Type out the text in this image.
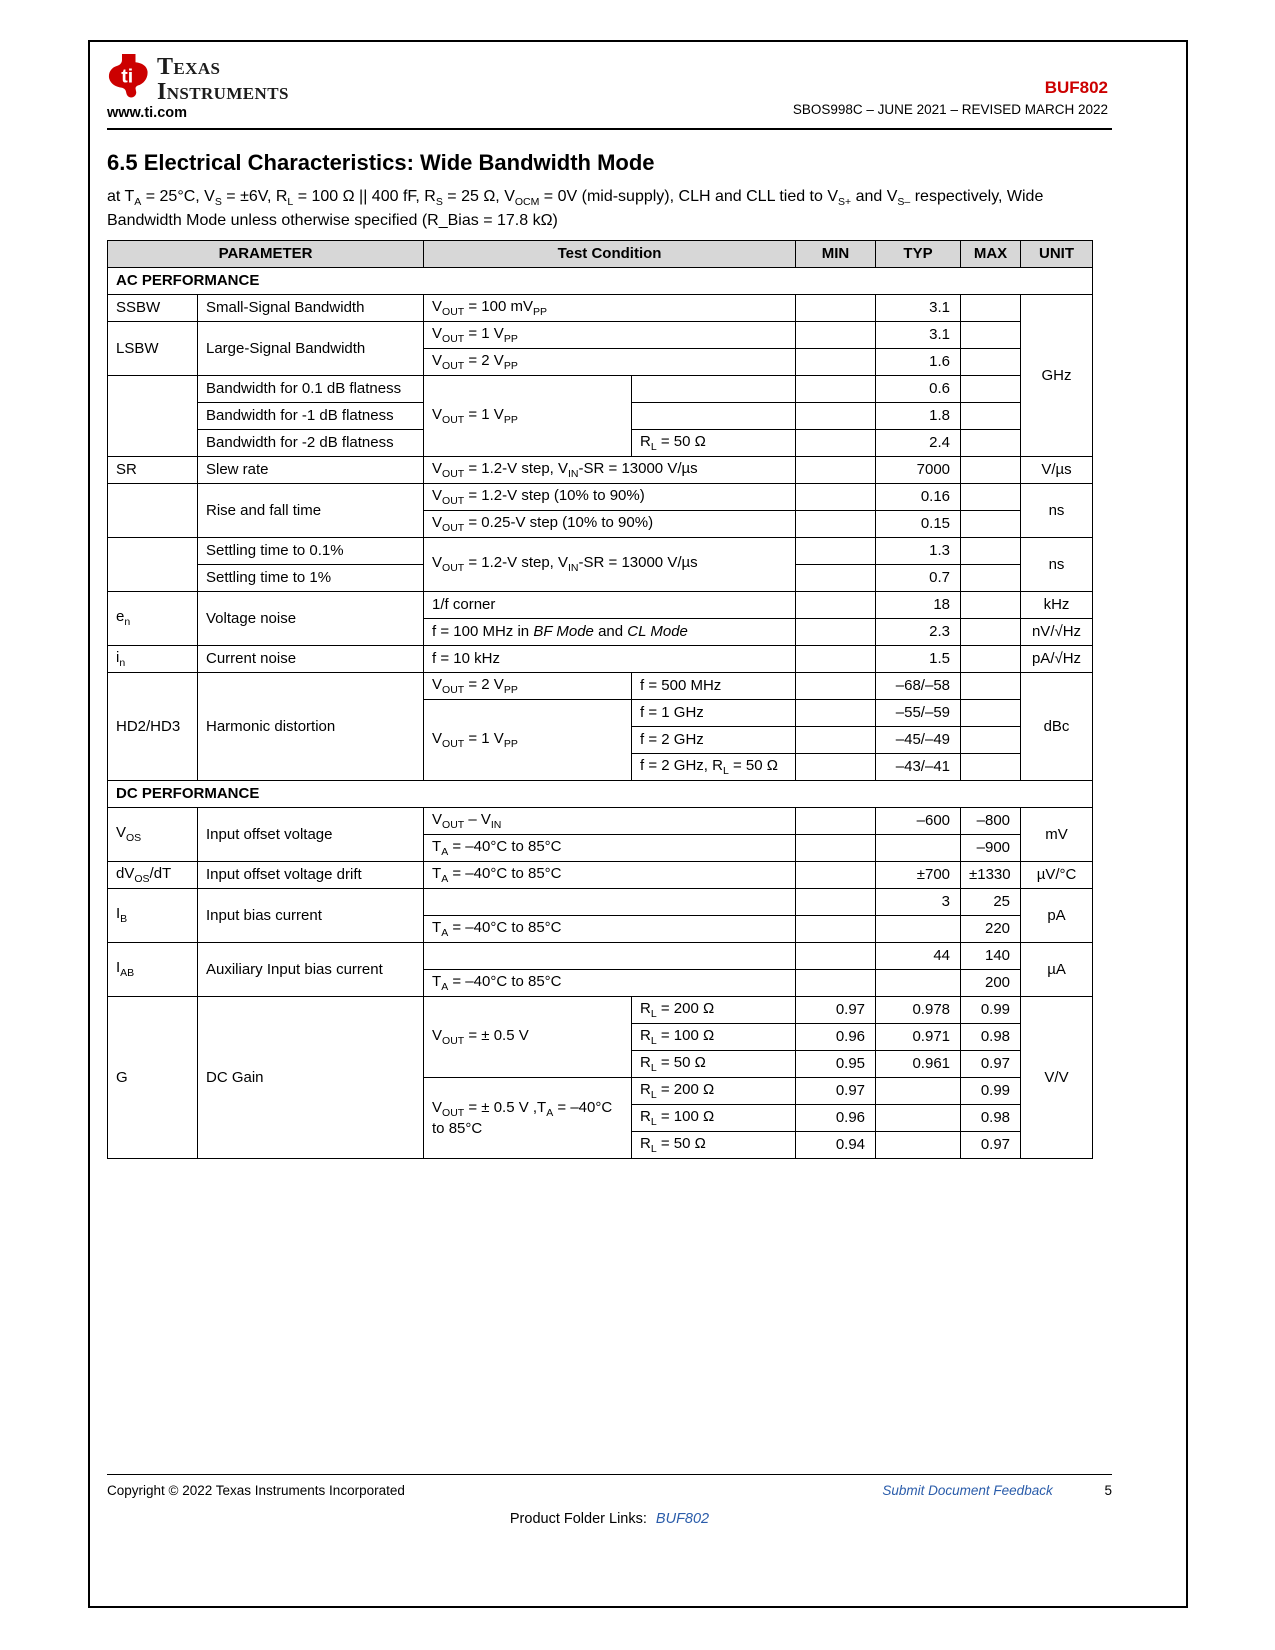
ti Texas
Instruments
www.ti.com
BUF802
SBOS998C – JUNE 2021 – REVISED MARCH 2022
6.5 Electrical Characteristics: Wide Bandwidth Mode

at $T_A = 25^\circ C$, $V_S = \pm 6V$, $R_L = 100$ Ω || 400 fF, $R_S = 25$ Ω, $V_{OCM} = 0V$ (mid-supply), CLH and CLL tied to $V_{S+}$ and $V_{S-}$ respectively, Wide Bandwidth Mode unless otherwise specified (R_Bias = 17.8 kΩ)

PARAMETER		Test Condition		MIN	TYP	MAX	UNIT
AC PERFORMANCE							
SSBW	Small-Signal Bandwidth	$V_{OUT} = 100$ $mV_{PP}$			3.1		GHz
LSBW	Large-Signal Bandwidth	$V_{OUT} = 1$ $V_{PP}$			3.1		
		$V_{OUT} = 2$ $V_{PP}$			1.6		
	Bandwidth for 0.1 dB flatness	$V_{OUT} = 1$ $V_{PP}$			0.6		
	Bandwidth for -1 dB flatness				1.8		
	Bandwidth for -2 dB flatness		$R_L = 50$ Ω		2.4		
SR	Slew rate	$V_{OUT} = 1.2-V$ step, $V_{IN}-SR = 13000$ V/µs			7000		V/µs
	Rise and fall time	$V_{OUT} = 1.2-V$ step (10% to 90%)			0.16		ns
		$V_{OUT} = 0.25-V$ step (10% to 90%)			0.15		
	Settling time to 0.1%	$V_{OUT} = 1.2-V$ step, $V_{IN}-SR = 13000$ V/µs			1.3		ns
	Settling time to 1%				0.7		
$e_n$	Voltage noise	1/f corner			18		kHz
		f = 100 MHz in BF Mode and CL Mode			2.3		nV/√Hz
$i_n$	Current noise	f = 10 kHz			1.5		pA/√Hz
HD2/HD3	Harmonic distortion	$V_{OUT} = 2$ $V_{PP}$	f = 500 MHz		–68/–58		dBc
		$V_{OUT} = 1$ $V_{PP}$	f = 1 GHz		–55/–59		
			f = 2 GHz		–45/–49		
			f = 2 GHz, $R_L = 50$ Ω		–43/–41		
DC PERFORMANCE							
$V_{OS}$	Input offset voltage	$V_{OUT} - V_{IN}$			–600	–800	mV
		$T_A = -40^\circ C$ to 85°C				–900	
$dV_{OS}/dT$	Input offset voltage drift	$T_A = -40^\circ C$ to 85°C			±700	±1330	µV/°C
$I_B$	Input bias current				3	25	pA
		$T_A = -40^\circ C$ to 85°C				220	
$I_{AB}$	Auxiliary Input bias current				44	140	µA
		$T_A = -40^\circ C$ to 85°C				200	
G	DC Gain	$V_{OUT}$ = ± 0.5 V	$R_L = 200$ Ω	0.97	0.978	0.99	V/V
			$R_L = 100$ Ω	0.96	0.971	0.98	
			$R_L = 50$ Ω	0.95	0.961	0.97	
		$V_{OUT}$ = ± 0.5 V $,T_A = -40^\circ C$ to 85°C	$R_L = 200$ Ω	0.97		0.99	
			$R_L = 100$ Ω	0.96		0.98	
			$R_L = 50$ Ω	0.94		0.97	
Copyright © 2022 Texas Instruments Incorporated	Submit Document Feedback	5
Product Folder Links: BUF802
